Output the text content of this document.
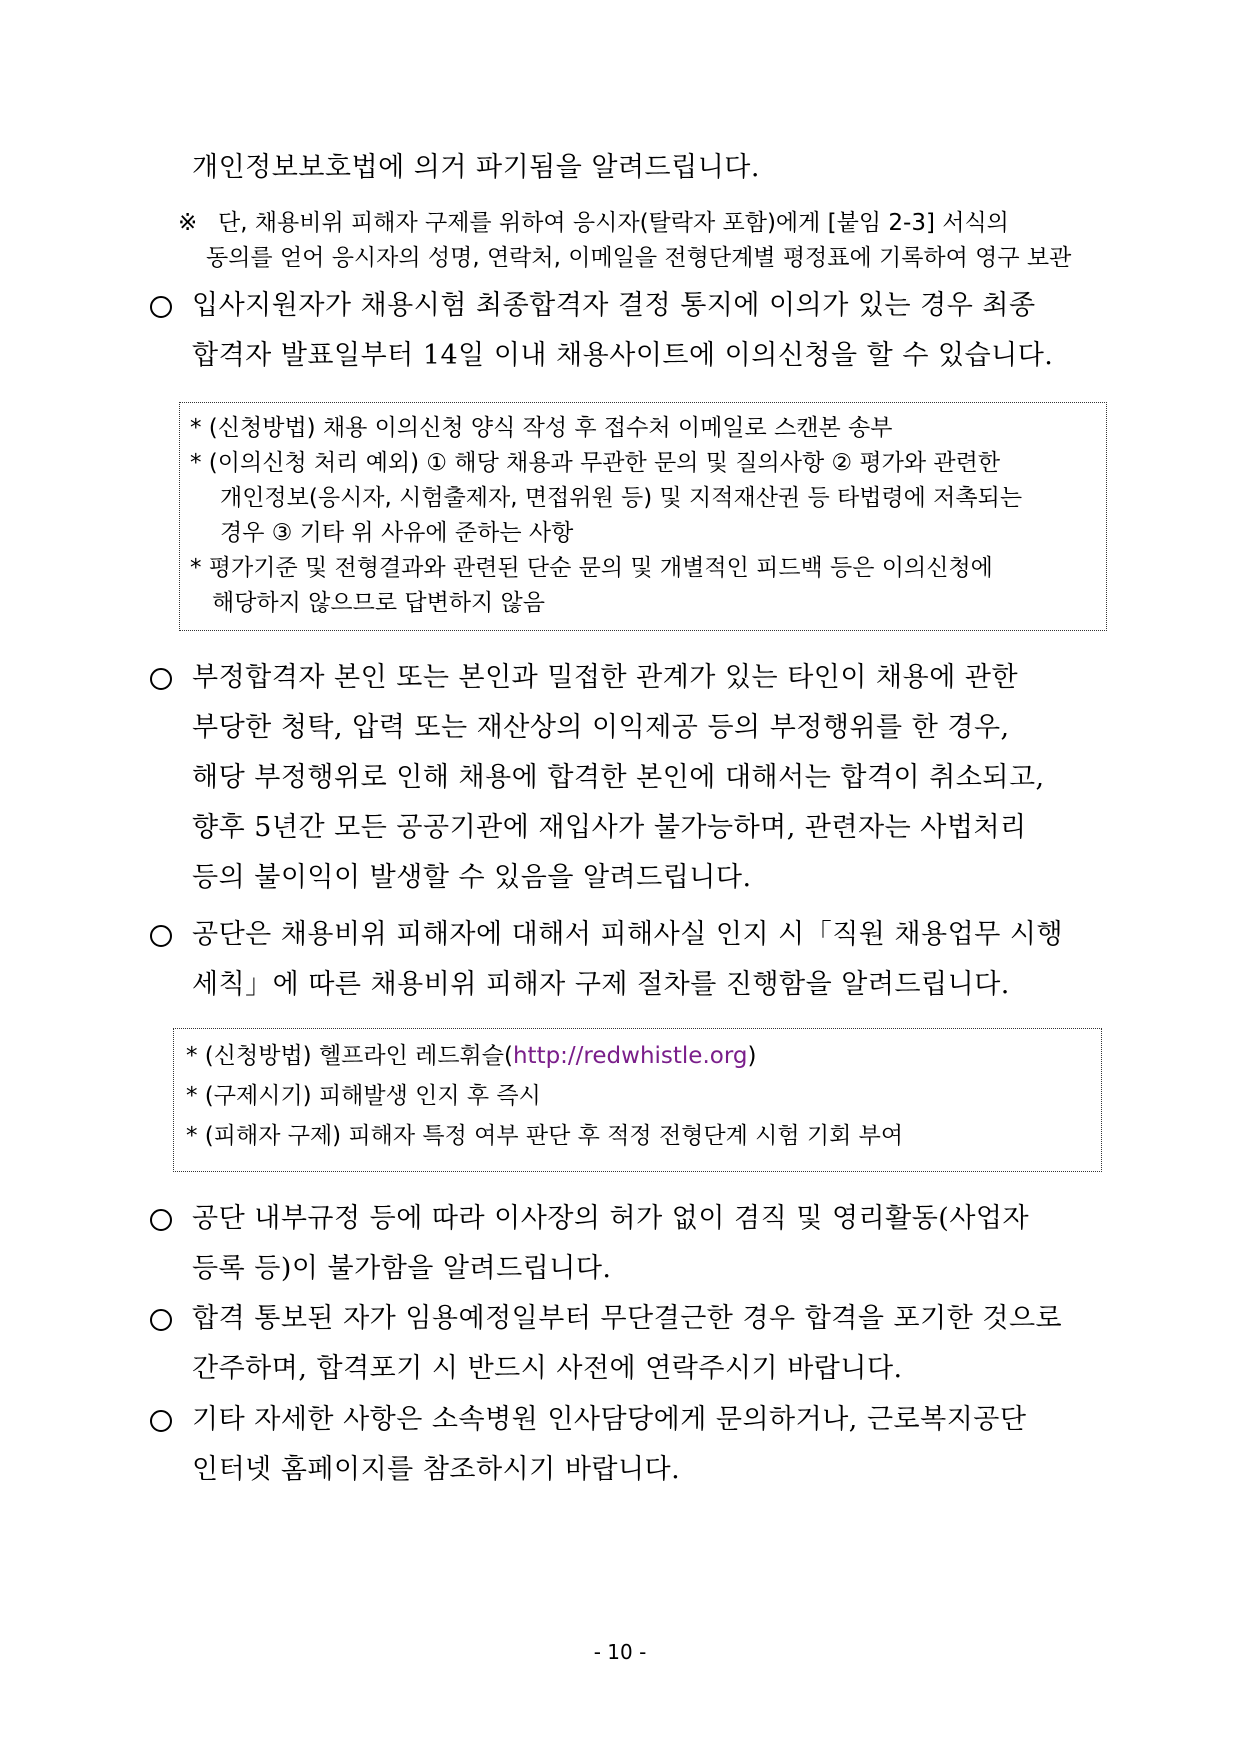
개인정보보호법에 의거 파기됨을 알려드립니다.
※ 단, 채용비위 피해자 구제를 위하여 응시자(탈락자 포함)에게 [붙임 2-3] 서식의
동의를 얻어 응시자의 성명, 연락처, 이메일을 전형단계별 평정표에 기록하여 영구 보관
입사지원자가 채용시험 최종합격자 결정 통지에 이의가 있는 경우 최종
합격자 발표일부터 14일 이내 채용사이트에 이의신청을 할 수 있습니다.
* (신청방법) 채용 이의신청 양식 작성 후 접수처 이메일로 스캔본 송부
* (이의신청 처리 예외) ① 해당 채용과 무관한 문의 및 질의사항 ② 평가와 관련한
개인정보(응시자, 시험출제자, 면접위원 등) 및 지적재산권 등 타법령에 저촉되는
경우 ③ 기타 위 사유에 준하는 사항
* 평가기준 및 전형결과와 관련된 단순 문의 및 개별적인 피드백 등은 이의신청에
해당하지 않으므로 답변하지 않음
부정합격자 본인 또는 본인과 밀접한 관계가 있는 타인이 채용에 관한
부당한 청탁, 압력 또는 재산상의 이익제공 등의 부정행위를 한 경우,
해당 부정행위로 인해 채용에 합격한 본인에 대해서는 합격이 취소되고,
향후 5년간 모든 공공기관에 재입사가 불가능하며, 관련자는 사법처리
등의 불이익이 발생할 수 있음을 알려드립니다.
공단은 채용비위 피해자에 대해서 피해사실 인지 시「직원 채용업무 시행
세칙」에 따른 채용비위 피해자 구제 절차를 진행함을 알려드립니다.
* (신청방법) 헬프라인 레드휘슬(http://redwhistle.org)
* (구제시기) 피해발생 인지 후 즉시
* (피해자 구제) 피해자 특정 여부 판단 후 적정 전형단계 시험 기회 부여
공단 내부규정 등에 따라 이사장의 허가 없이 겸직 및 영리활동(사업자
등록 등)이 불가함을 알려드립니다.
합격 통보된 자가 임용예정일부터 무단결근한 경우 합격을 포기한 것으로
간주하며, 합격포기 시 반드시 사전에 연락주시기 바랍니다.
기타 자세한 사항은 소속병원 인사담당에게 문의하거나, 근로복지공단
인터넷 홈페이지를 참조하시기 바랍니다.
- 10 -
